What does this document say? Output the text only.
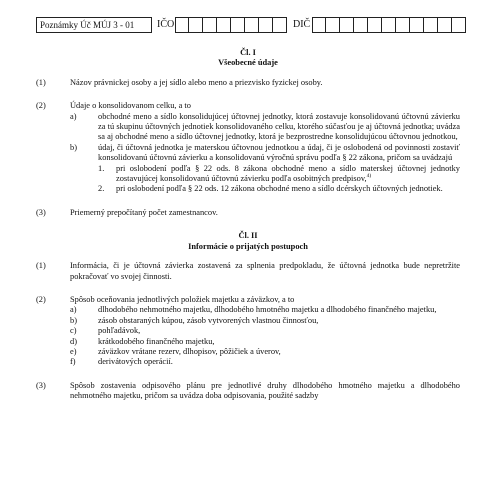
Poznámky Úč MÚJ 3 - 01	IČO	DIČ

Čl. I

Všeobecné údaje

(1)	Názov právnickej osoby a jej sídlo alebo meno a priezvisko fyzickej osoby.
(2)	Údaje o konsolidovanom celku, a to
a)	obchodné meno a sídlo konsolidujúcej účtovnej jednotky, ktorá zostavuje konsolidovanú účtovnú závierku za tú skupinu účtovných jednotiek konsolidovaného celku, ktorého súčasťou je aj účtovná jednotka; uvádza sa aj obchodné meno a sídlo účtovnej jednotky, ktorá je bezprostredne konsolidujúcou účtovnou jednotkou,
b)	údaj, či účtovná jednotka je materskou účtovnou jednotkou a údaj, či je oslobodená od povinnosti zostaviť konsolidovanú účtovnú závierku a konsolidovanú výročnú správu podľa § 22 zákona, pričom sa uvádzajú
1. pri oslobodení podľa § 22 ods. 8 zákona obchodné meno a sídlo materskej účtovnej jednotky zostavujúcej konsolidovanú účtovnú závierku podľa osobitných predpisov,$^{4)}$
2. pri oslobodení podľa § 22 ods. 12 zákona obchodné meno a sídlo dcérskych účtovných jednotiek.
(3)	Priemerný prepočítaný počet zamestnancov.

Čl. II

Informácie o prijatých postupoch

(1)	Informácia, či je účtovná závierka zostavená za splnenia predpokladu, že účtovná jednotka bude nepretržite pokračovať vo svojej činnosti.
(2)	Spôsob oceňovania jednotlivých položiek majetku a záväzkov, a to
a)	dlhodobého nehmotného majetku, dlhodobého hmotného majetku a dlhodobého finančného majetku,
b)	zásob obstaraných kúpou, zásob vytvorených vlastnou činnosťou,
c)	pohľadávok,
d)	krátkodobého finančného majetku,
e)	záväzkov vrátane rezerv, dlhopisov, pôžičiek a úverov,
f)	derivátových operácií.
(3)	Spôsob zostavenia odpisového plánu pre jednotlivé druhy dlhodobého hmotného majetku a dlhodobého nehmotného majetku, pričom sa uvádza doba odpisovania, použité sadzby
